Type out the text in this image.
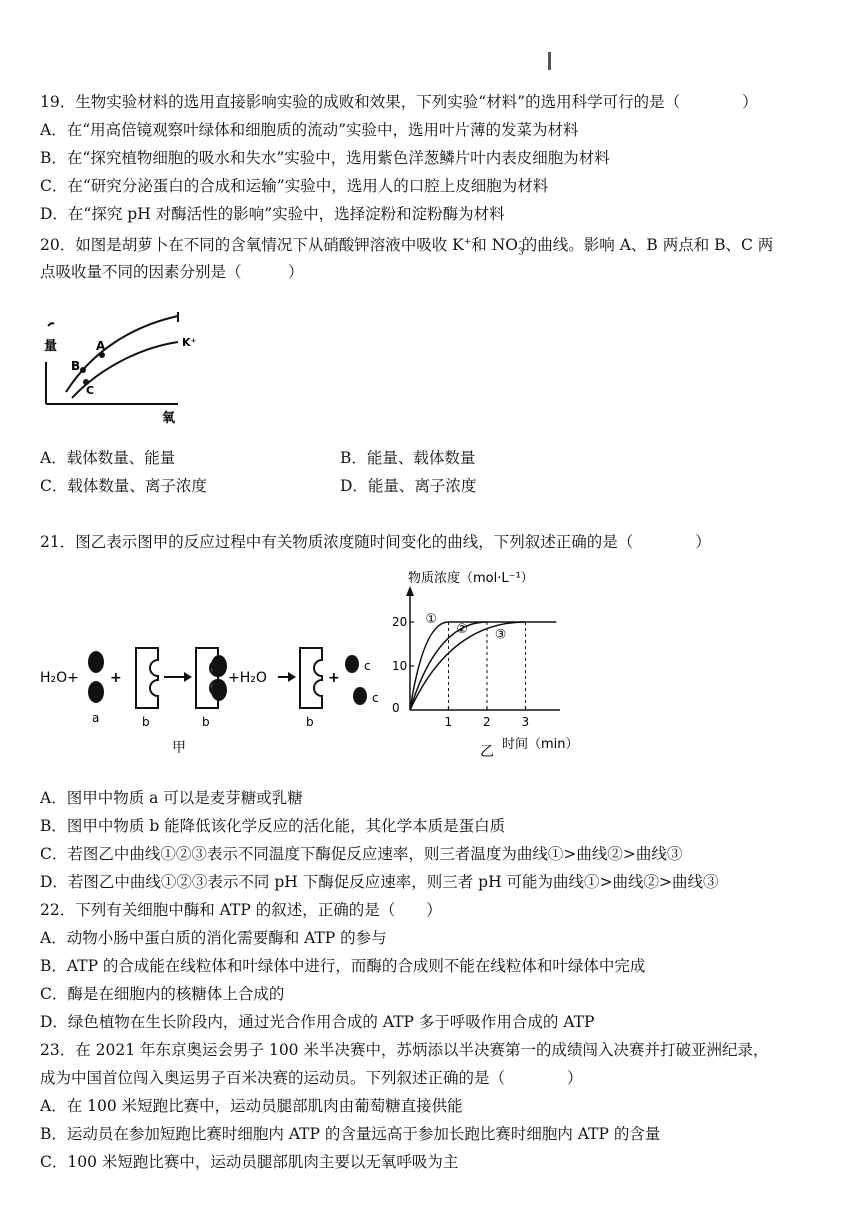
19．生物实验材料的选用直接影响实验的成败和效果，下列实验“材料”的选用科学可行的是（　　　　）
A．在“用高倍镜观察叶绿体和细胞质的流动”实验中，选用叶片薄的发菜为材料
B．在“探究植物细胞的吸水和失水”实验中，选用紫色洋葱鳞片叶内表皮细胞为材料
C．在“研究分泌蛋白的合成和运输”实验中，选用人的口腔上皮细胞为材料
D．在“探究 pH 对酶活性的影响”实验中，选择淀粉和淀粉酶为材料
20．如图是胡萝卜在不同的含氧情况下从硝酸钾溶液中吸收 K+和 $NO_3^-$的曲线。影响 A、B 两点和 B、C 两
点吸收量不同的因素分别是（　　　）
量
氧
K⁺
A
B
C
A．载体数量、能量	B．能量、载体数量
C．载体数量、离子浓度	D．能量、离子浓度
21．图乙表示图甲的反应过程中有关物质浓度随时间变化的曲线，下列叙述正确的是（　　　　）
H₂O+
a
+
b	b
+H₂O
b
+
c
c
甲
物质浓度（mol·L⁻¹）
0
1	2	3
10
20 ①
② ③
乙 时间（min）
A．图甲中物质 a 可以是麦芽糖或乳糖
B．图甲中物质 b 能降低该化学反应的活化能，其化学本质是蛋白质
C．若图乙中曲线①②③表示不同温度下酶促反应速率，则三者温度为曲线①>曲线②>曲线③
D．若图乙中曲线①②③表示不同 pH 下酶促反应速率，则三者 pH 可能为曲线①>曲线②>曲线③
22．下列有关细胞中酶和 ATP 的叙述，正确的是（　　）
A．动物小肠中蛋白质的消化需要酶和 ATP 的参与
B．ATP 的合成能在线粒体和叶绿体中进行，而酶的合成则不能在线粒体和叶绿体中完成
C．酶是在细胞内的核糖体上合成的
D．绿色植物在生长阶段内，通过光合作用合成的 ATP 多于呼吸作用合成的 ATP
23．在 2021 年东京奥运会男子 100 米半决赛中，苏炳添以半决赛第一的成绩闯入决赛并打破亚洲纪录，
成为中国首位闯入奥运男子百米决赛的运动员。下列叙述正确的是（　　　　）
A．在 100 米短跑比赛中，运动员腿部肌肉由葡萄糖直接供能
B．运动员在参加短跑比赛时细胞内 ATP 的含量远高于参加长跑比赛时细胞内 ATP 的含量
C．100 米短跑比赛中，运动员腿部肌肉主要以无氧呼吸为主
